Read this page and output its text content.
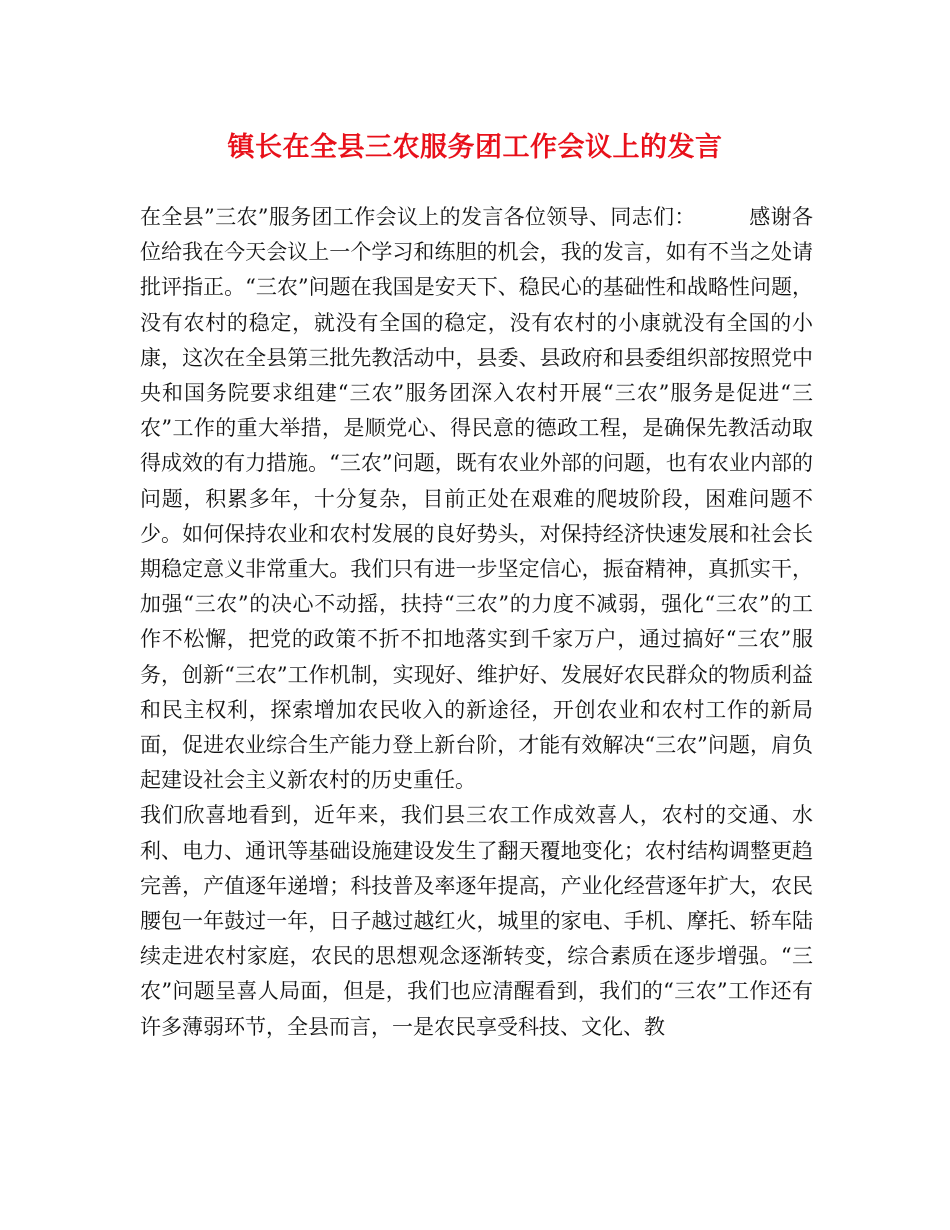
镇长在全县三农服务团工作会议上的发言

在全县”三农”服务团工作会议上的发言各位领导、同志们：　　　感谢各位给我在今天会议上一个学习和练胆的机会，我的发言，如有不当之处请批评指正。“三农”问题在我国是安天下、稳民心的基础性和战略性问题，没有农村的稳定，就没有全国的稳定，没有农村的小康就没有全国的小康，这次在全县第三批先教活动中，县委、县政府和县委组织部按照党中央和国务院要求组建“三农”服务团深入农村开展“三农”服务是促进“三农”工作的重大举措，是顺党心、得民意的德政工程，是确保先教活动取得成效的有力措施。“三农”问题，既有农业外部的问题，也有农业内部的问题，积累多年，十分复杂，目前正处在艰难的爬坡阶段，困难问题不少。如何保持农业和农村发展的良好势头，对保持经济快速发展和社会长期稳定意义非常重大。我们只有进一步坚定信心，振奋精神，真抓实干，加强“三农”的决心不动摇，扶持“三农”的力度不减弱，强化“三农”的工作不松懈，把党的政策不折不扣地落实到千家万户，通过搞好“三农”服务，创新“三农”工作机制，实现好、维护好、发展好农民群众的物质利益和民主权利，探索增加农民收入的新途径，开创农业和农村工作的新局面，促进农业综合生产能力登上新台阶，才能有效解决“三农”问题，肩负起建设社会主义新农村的历史重任。

我们欣喜地看到，近年来，我们县三农工作成效喜人，农村的交通、水利、电力、通讯等基础设施建设发生了翻天覆地变化；农村结构调整更趋完善，产值逐年递增；科技普及率逐年提高，产业化经营逐年扩大，农民腰包一年鼓过一年，日子越过越红火，城里的家电、手机、摩托、轿车陆续走进农村家庭，农民的思想观念逐渐转变，综合素质在逐步增强。“三农”问题呈喜人局面，但是，我们也应清醒看到，我们的“三农”工作还有许多薄弱环节，全县而言，一是农民享受科技、文化、教
